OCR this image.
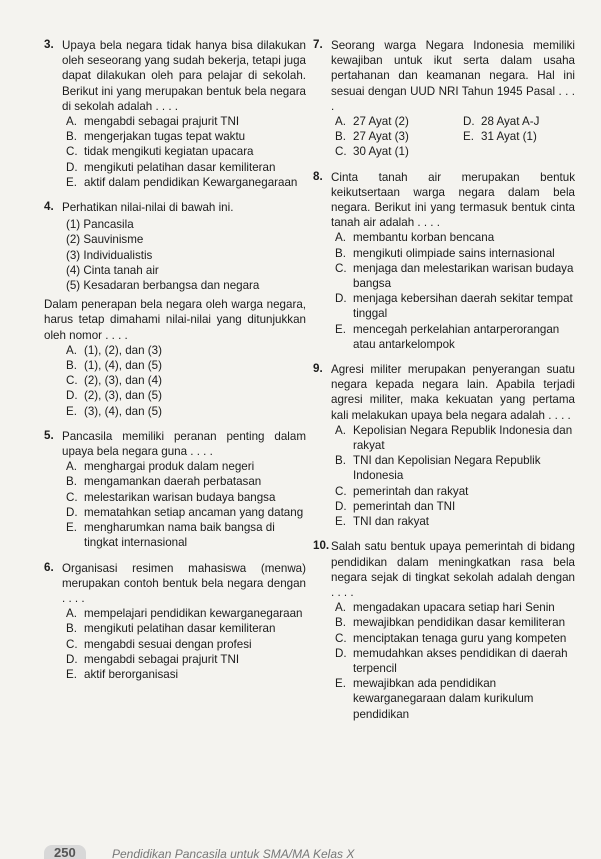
3. Upaya bela negara tidak hanya bisa dilakukan oleh seseorang yang sudah bekerja, tetapi juga dapat dilakukan oleh para pelajar di sekolah. Berikut ini yang merupakan bentuk bela negara di sekolah adalah . . . .
A. mengabdi sebagai prajurit TNI
B. mengerjakan tugas tepat waktu
C. tidak mengikuti kegiatan upacara
D. mengikuti pelatihan dasar kemiliteran
E. aktif dalam pendidikan Kewarganegaraan
4. Perhatikan nilai-nilai di bawah ini.
(1) Pancasila
(2) Sauvinisme
(3) Individualistis
(4) Cinta tanah air
(5) Kesadaran berbangsa dan negara
Dalam penerapan bela negara oleh warga negara, harus tetap dimahami nilai-nilai yang ditunjukkan oleh nomor . . . .
A. (1), (2), dan (3)
B. (1), (4), dan (5)
C. (2), (3), dan (4)
D. (2), (3), dan (5)
E. (3), (4), dan (5)
5. Pancasila memiliki peranan penting dalam upaya bela negara guna . . . .
A. menghargai produk dalam negeri
B. mengamankan daerah perbatasan
C. melestarikan warisan budaya bangsa
D. mematahkan setiap ancaman yang datang
E. mengharumkan nama baik bangsa di tingkat internasional
6. Organisasi resimen mahasiswa (menwa) merupakan contoh bentuk bela negara dengan . . . .
A. mempelajari pendidikan kewarganegaraan
B. mengikuti pelatihan dasar kemiliteran
C. mengabdi sesuai dengan profesi
D. mengabdi sebagai prajurit TNI
E. aktif berorganisasi
7. Seorang warga Negara Indonesia memiliki kewajiban untuk ikut serta dalam usaha pertahanan dan keamanan negara. Hal ini sesuai dengan UUD NRI Tahun 1945 Pasal . . . .
A. 27 Ayat (2)	D. 28 Ayat A-J
B. 27 Ayat (3)	E. 31 Ayat (1)
C. 30 Ayat (1)
8. Cinta tanah air merupakan bentuk keikutsertaan warga negara dalam bela negara. Berikut ini yang termasuk bentuk cinta tanah air adalah . . . .
A. membantu korban bencana
B. mengikuti olimpiade sains internasional
C. menjaga dan melestarikan warisan budaya bangsa
D. menjaga kebersihan daerah sekitar tempat tinggal
E. mencegah perkelahian antarperorangan atau antarkelompok
9. Agresi militer merupakan penyerangan suatu negara kepada negara lain. Apabila terjadi agresi militer, maka kekuatan yang pertama kali melakukan upaya bela negara adalah . . . .
A. Kepolisian Negara Republik Indonesia dan rakyat
B. TNI dan Kepolisian Negara Republik Indonesia
C. pemerintah dan rakyat
D. pemerintah dan TNI
E. TNI dan rakyat
10. Salah satu bentuk upaya pemerintah di bidang pendidikan dalam meningkatkan rasa bela negara sejak di tingkat sekolah adalah dengan . . . .
A. mengadakan upacara setiap hari Senin
B. mewajibkan pendidikan dasar kemiliteran
C. menciptakan tenaga guru yang kompeten
D. memudahkan akses pendidikan di daerah terpencil
E. mewajibkan ada pendidikan kewarganegaraan dalam kurikulum pendidikan
250	Pendidikan Pancasila untuk SMA/MA Kelas X
